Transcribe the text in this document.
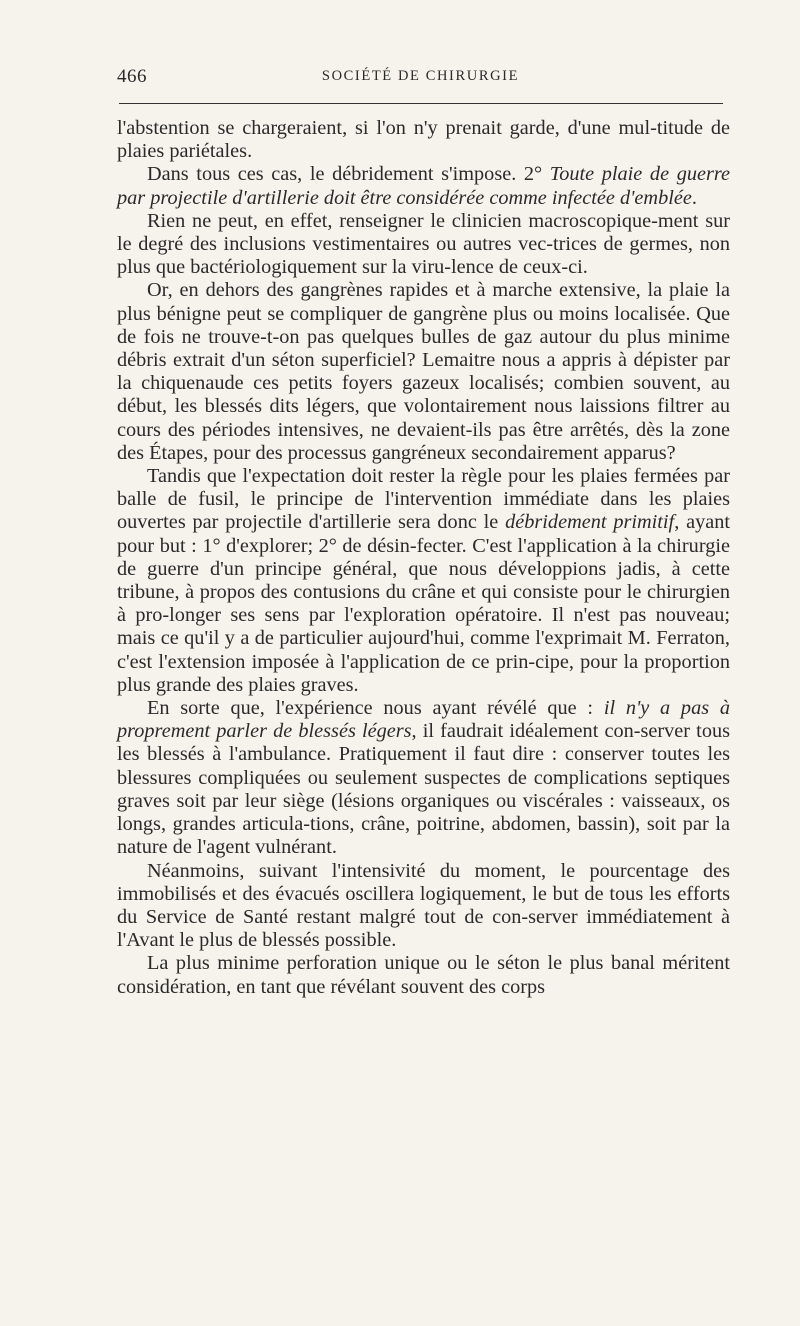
466	SOCIÉTÉ DE CHIRURGIE

l'abstention se chargeraient, si l'on n'y prenait garde, d'une mul-titude de plaies pariétales.

Dans tous ces cas, le débridement s'impose. 2° Toute plaie de guerre par projectile d'artillerie doit être considérée comme infectée d'emblée.

Rien ne peut, en effet, renseigner le clinicien macroscopique-ment sur le degré des inclusions vestimentaires ou autres vec-trices de germes, non plus que bactériologiquement sur la viru-lence de ceux-ci.

Or, en dehors des gangrènes rapides et à marche extensive, la plaie la plus bénigne peut se compliquer de gangrène plus ou moins localisée. Que de fois ne trouve-t-on pas quelques bulles de gaz autour du plus minime débris extrait d'un séton superficiel? Lemaitre nous a appris à dépister par la chiquenaude ces petits foyers gazeux localisés; combien souvent, au début, les blessés dits légers, que volontairement nous laissions filtrer au cours des périodes intensives, ne devaient-ils pas être arrêtés, dès la zone des Étapes, pour des processus gangréneux secondairement apparus?

Tandis que l'expectation doit rester la règle pour les plaies fermées par balle de fusil, le principe de l'intervention immédiate dans les plaies ouvertes par projectile d'artillerie sera donc le débridement primitif, ayant pour but : 1° d'explorer; 2° de désin-fecter. C'est l'application à la chirurgie de guerre d'un principe général, que nous développions jadis, à cette tribune, à propos des contusions du crâne et qui consiste pour le chirurgien à pro-longer ses sens par l'exploration opératoire. Il n'est pas nouveau; mais ce qu'il y a de particulier aujourd'hui, comme l'exprimait M. Ferraton, c'est l'extension imposée à l'application de ce prin-cipe, pour la proportion plus grande des plaies graves.

En sorte que, l'expérience nous ayant révélé que : il n'y a pas à proprement parler de blessés légers, il faudrait idéalement con-server tous les blessés à l'ambulance. Pratiquement il faut dire : conserver toutes les blessures compliquées ou seulement suspectes de complications septiques graves soit par leur siège (lésions organiques ou viscérales : vaisseaux, os longs, grandes articula-tions, crâne, poitrine, abdomen, bassin), soit par la nature de l'agent vulnérant.

Néanmoins, suivant l'intensivité du moment, le pourcentage des immobilisés et des évacués oscillera logiquement, le but de tous les efforts du Service de Santé restant malgré tout de con-server immédiatement à l'Avant le plus de blessés possible.

La plus minime perforation unique ou le séton le plus banal méritent considération, en tant que révélant souvent des corps
